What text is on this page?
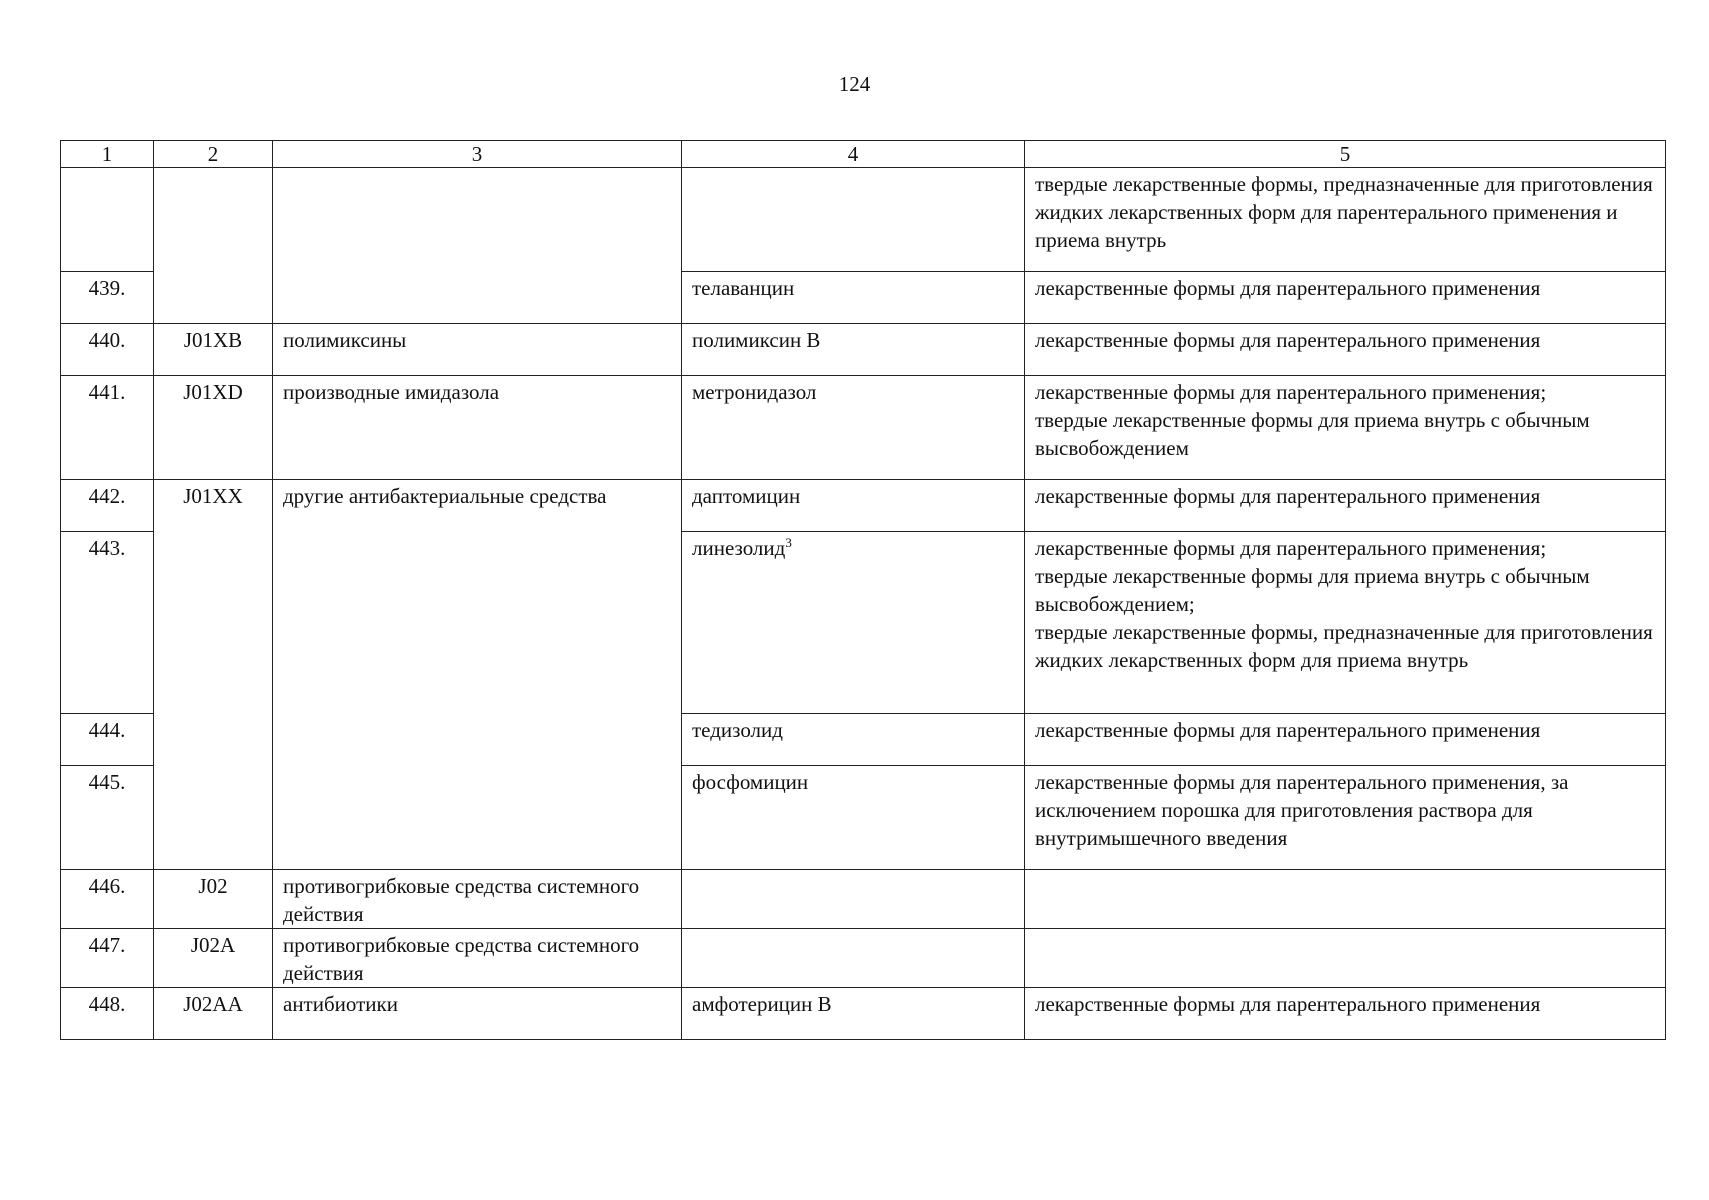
124
1	2	3	4	5

				твердые лекарственные формы, предназначенные для приготовления жидких лекарственных форм для парентерального применения и приема внутрь

439.			телаванцин	лекарственные формы для парентерального применения

440.	J01XB	полимиксины	полимиксин B	лекарственные формы для парентерального применения

441.	J01XD	производные имидазола	метронидазол	лекарственные формы для парентерального применения;
твердые лекарственные формы для приема внутрь с обычным высвобождением

442.	J01XX	другие антибактериальные средства	даптомицин	лекарственные формы для парентерального применения

443.			линезолид$^3$	лекарственные формы для парентерального применения;
твердые лекарственные формы для приема внутрь с обычным высвобождением;
твердые лекарственные формы, предназначенные для приготовления жидких лекарственных форм для приема внутрь

444.			тедизолид	лекарственные формы для парентерального применения

445.			фосфомицин	лекарственные формы для парентерального применения, за исключением порошка для приготовления раствора для внутримышечного введения

446.	J02	противогрибковые средства системного действия		

447.	J02A	противогрибковые средства системного действия		

448.	J02AA	антибиотики	амфотерицин B	лекарственные формы для парентерального применения
